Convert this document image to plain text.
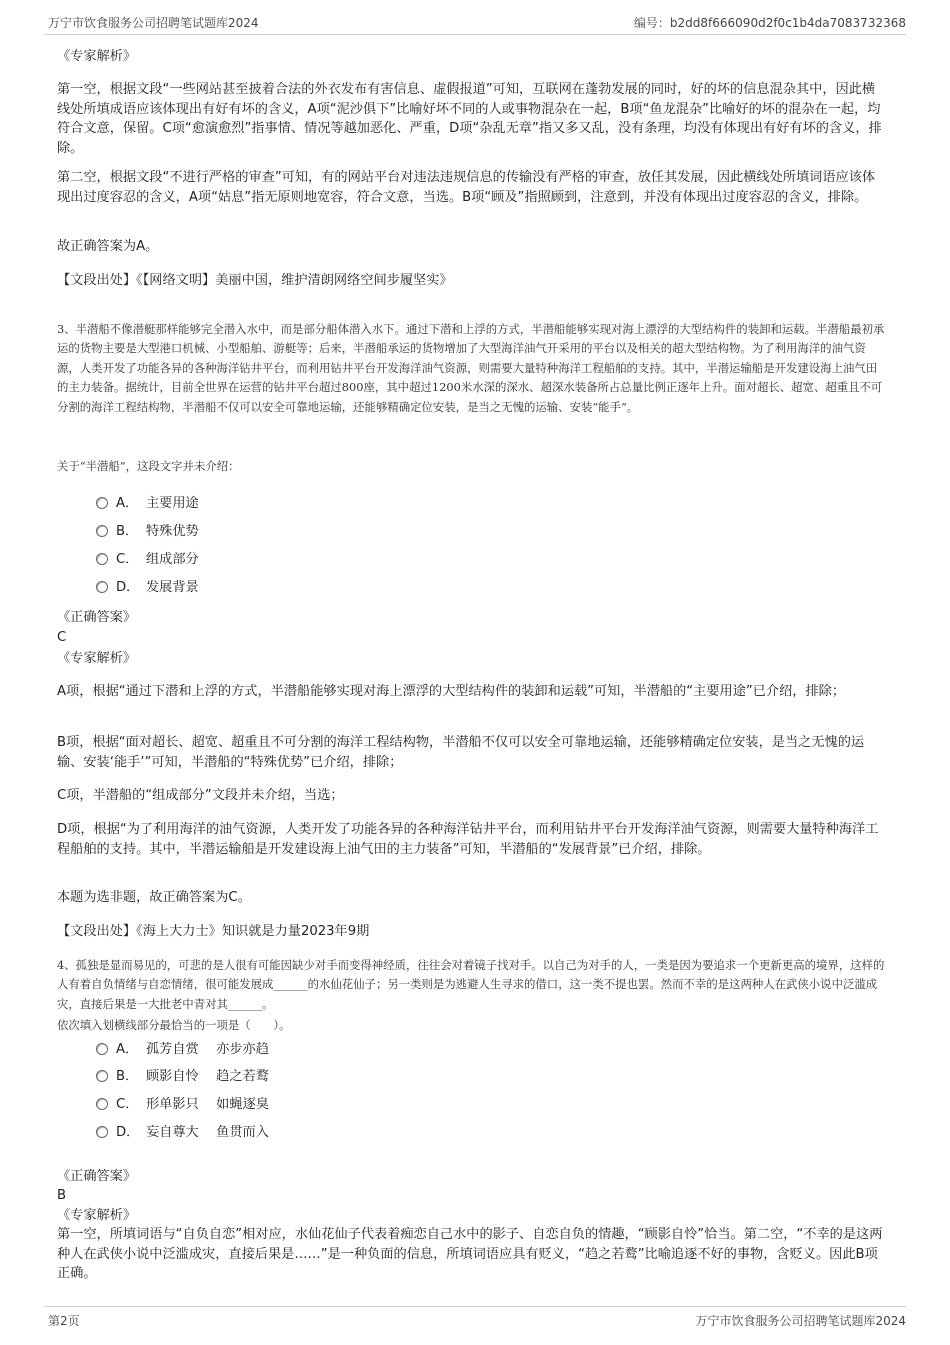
万宁市饮食服务公司招聘笔试题库2024	编号：b2dd8f666090d2f0c1b4da7083732368
《专家解析》
第一空，根据文段“一些网站甚至披着合法的外衣发布有害信息、虚假报道”可知，互联网在蓬勃发展的同时，好的坏的信息混杂其中，因此横线处所填成语应该体现出有好有坏的含义，A项“泥沙俱下”比喻好坏不同的人或事物混杂在一起，B项“鱼龙混杂”比喻好的坏的混杂在一起，均符合文意，保留。C项“愈演愈烈”指事情、情况等越加恶化、严重，D项“杂乱无章”指又多又乱，没有条理，均没有体现出有好有坏的含义，排除。
第二空，根据文段“不进行严格的审查”可知，有的网站平台对违法违规信息的传输没有严格的审查，放任其发展，因此横线处所填词语应该体现出过度容忍的含义，A项“姑息”指无原则地宽容，符合文意，当选。B项“顾及”指照顾到，注意到，并没有体现出过度容忍的含义，排除。
故正确答案为A。
【文段出处】《【网络文明】美丽中国，维护清朗网络空间步履坚实》
3、半潜船不像潜艇那样能够完全潜入水中，而是部分船体潜入水下。通过下潜和上浮的方式，半潜船能够实现对海上漂浮的大型结构件的装卸和运载。半潜船最初承运的货物主要是大型港口机械、小型船舶、游艇等；后来，半潜船承运的货物增加了大型海洋油气开采用的平台以及相关的超大型结构物。为了利用海洋的油气资源，人类开发了功能各异的各种海洋钻井平台，而利用钻井平台开发海洋油气资源，则需要大量特种海洋工程船舶的支持。其中，半潜运输船是开发建设海上油气田的主力装备。据统计，目前全世界在运营的钻井平台超过800座，其中超过1200米水深的深水、超深水装备所占总量比例正逐年上升。面对超长、超宽、超重且不可分割的海洋工程结构物，半潜船不仅可以安全可靠地运输，还能够精确定位安装，是当之无愧的运输、安装“能手”。
关于“半潜船”，这段文字并未介绍：
A． 主要用途
B． 特殊优势
C． 组成部分
D． 发展背景
《正确答案》
C
《专家解析》
A项，根据“通过下潜和上浮的方式，半潜船能够实现对海上漂浮的大型结构件的装卸和运载”可知，半潜船的“主要用途”已介绍，排除；
B项，根据“面对超长、超宽、超重且不可分割的海洋工程结构物，半潜船不仅可以安全可靠地运输，还能够精确定位安装，是当之无愧的运输、安装‘能手’”可知，半潜船的“特殊优势”已介绍，排除；
C项，半潜船的“组成部分”文段并未介绍，当选；
D项，根据“为了利用海洋的油气资源，人类开发了功能各异的各种海洋钻井平台，而利用钻井平台开发海洋油气资源，则需要大量特种海洋工程船舶的支持。其中，半潜运输船是开发建设海上油气田的主力装备”可知，半潜船的“发展背景”已介绍，排除。
本题为选非题，故正确答案为C。
【文段出处】《海上大力士》知识就是力量2023年9期
4、孤独是显而易见的，可悲的是人很有可能因缺少对手而变得神经质，往往会对着镜子找对手。以自己为对手的人，一类是因为要追求一个更新更高的境界，这样的人有着自负情绪与自恋情绪，很可能发展成______的水仙花仙子；另一类则是为逃避人生寻求的借口，这一类不提也罢。然而不幸的是这两种人在武侠小说中泛滥成灾，直接后果是一大批老中青对其______。
依次填入划横线部分最恰当的一项是（　　）。
A． 孤芳自赏　 亦步亦趋
B． 顾影自怜　 趋之若鹜
C． 形单影只　 如蝇逐臭
D． 妄自尊大　 鱼贯而入
《正确答案》
B
《专家解析》
第一空，所填词语与“自负自恋”相对应，水仙花仙子代表着痴恋自己水中的影子、自恋自负的情趣，“顾影自怜”恰当。第二空，“不幸的是这两种人在武侠小说中泛滥成灾，直接后果是……”是一种负面的信息，所填词语应具有贬义，“趋之若鹜”比喻追逐不好的事物，含贬义。因此B项正确。
第2页	万宁市饮食服务公司招聘笔试题库2024
